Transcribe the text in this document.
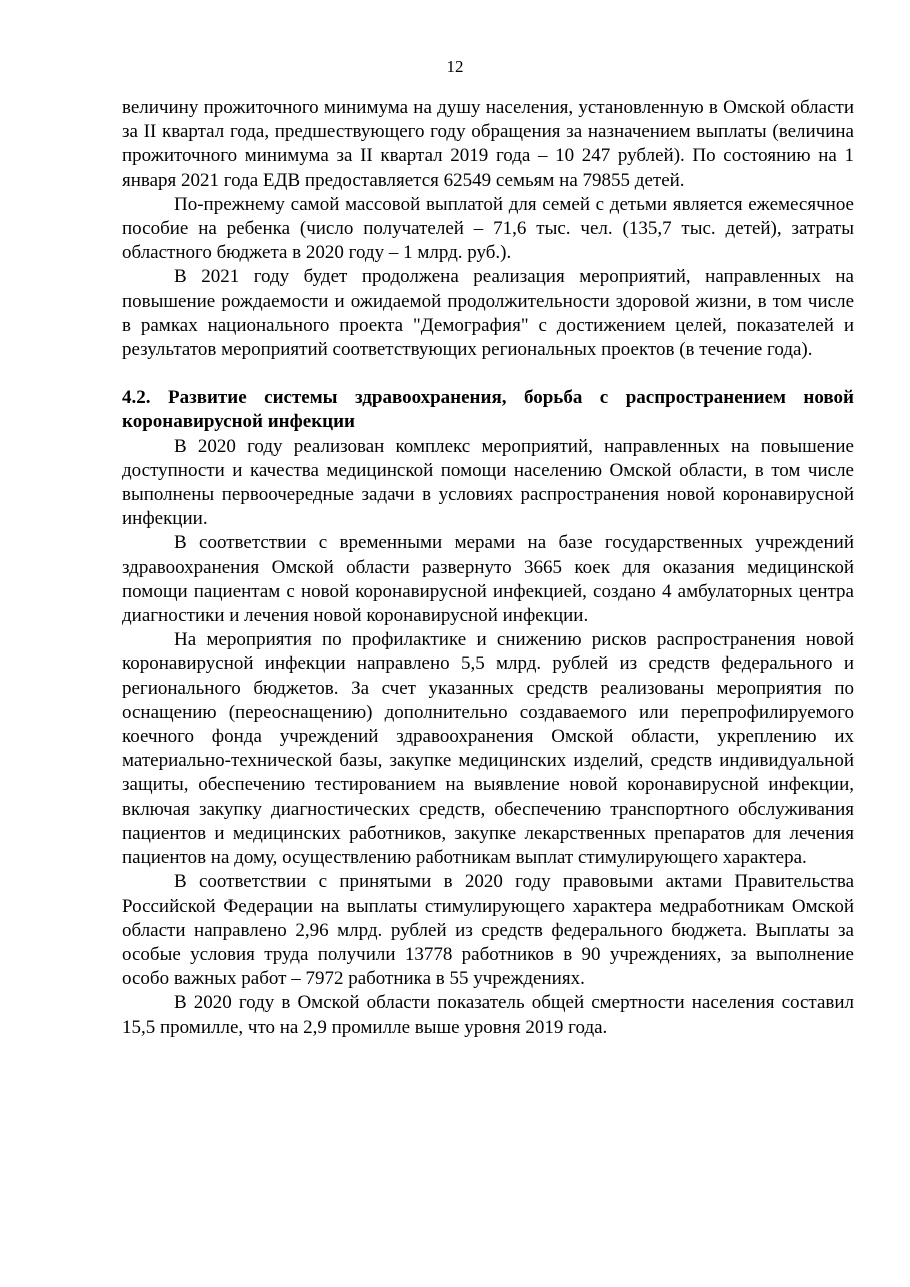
12

величину прожиточного минимума на душу населения, установленную в Омской области за II квартал года, предшествующего году обращения за назначением выплаты (величина прожиточного минимума за II квартал 2019 года – 10 247 рублей). По состоянию на 1 января 2021 года ЕДВ предоставляется 62549 семьям на 79855 детей.

По-прежнему самой массовой выплатой для семей с детьми является ежемесячное пособие на ребенка (число получателей – 71,6 тыс. чел. (135,7 тыс. детей), затраты областного бюджета в 2020 году – 1 млрд. руб.).

В 2021 году будет продолжена реализация мероприятий, направленных на повышение рождаемости и ожидаемой продолжительности здоровой жизни, в том числе в рамках национального проекта "Демография" с достижением целей, показателей и результатов мероприятий соответствующих региональных проектов (в течение года).

4.2. Развитие системы здравоохранения, борьба с распространением новой коронавирусной инфекции

В 2020 году реализован комплекс мероприятий, направленных на повышение доступности и качества медицинской помощи населению Омской области, в том числе выполнены первоочередные задачи в условиях распространения новой коронавирусной инфекции.

В соответствии с временными мерами на базе государственных учреждений здравоохранения Омской области развернуто 3665 коек для оказания медицинской помощи пациентам с новой коронавирусной инфекцией, создано 4 амбулаторных центра диагностики и лечения новой коронавирусной инфекции.

На мероприятия по профилактике и снижению рисков распространения новой коронавирусной инфекции направлено 5,5 млрд. рублей из средств федерального и регионального бюджетов. За счет указанных средств реализованы мероприятия по оснащению (переоснащению) дополнительно создаваемого или перепрофилируемого коечного фонда учреждений здравоохранения Омской области, укреплению их материально-технической базы, закупке медицинских изделий, средств индивидуальной защиты, обеспечению тестированием на выявление новой коронавирусной инфекции, включая закупку диагностических средств, обеспечению транспортного обслуживания пациентов и медицинских работников, закупке лекарственных препаратов для лечения пациентов на дому, осуществлению работникам выплат стимулирующего характера.

В соответствии с принятыми в 2020 году правовыми актами Правительства Российской Федерации на выплаты стимулирующего характера медработникам Омской области направлено 2,96 млрд. рублей из средств федерального бюджета. Выплаты за особые условия труда получили 13778 работников в 90 учреждениях, за выполнение особо важных работ – 7972 работника в 55 учреждениях.

В 2020 году в Омской области показатель общей смертности населения составил 15,5 промилле, что на 2,9 промилле выше уровня 2019 года.
